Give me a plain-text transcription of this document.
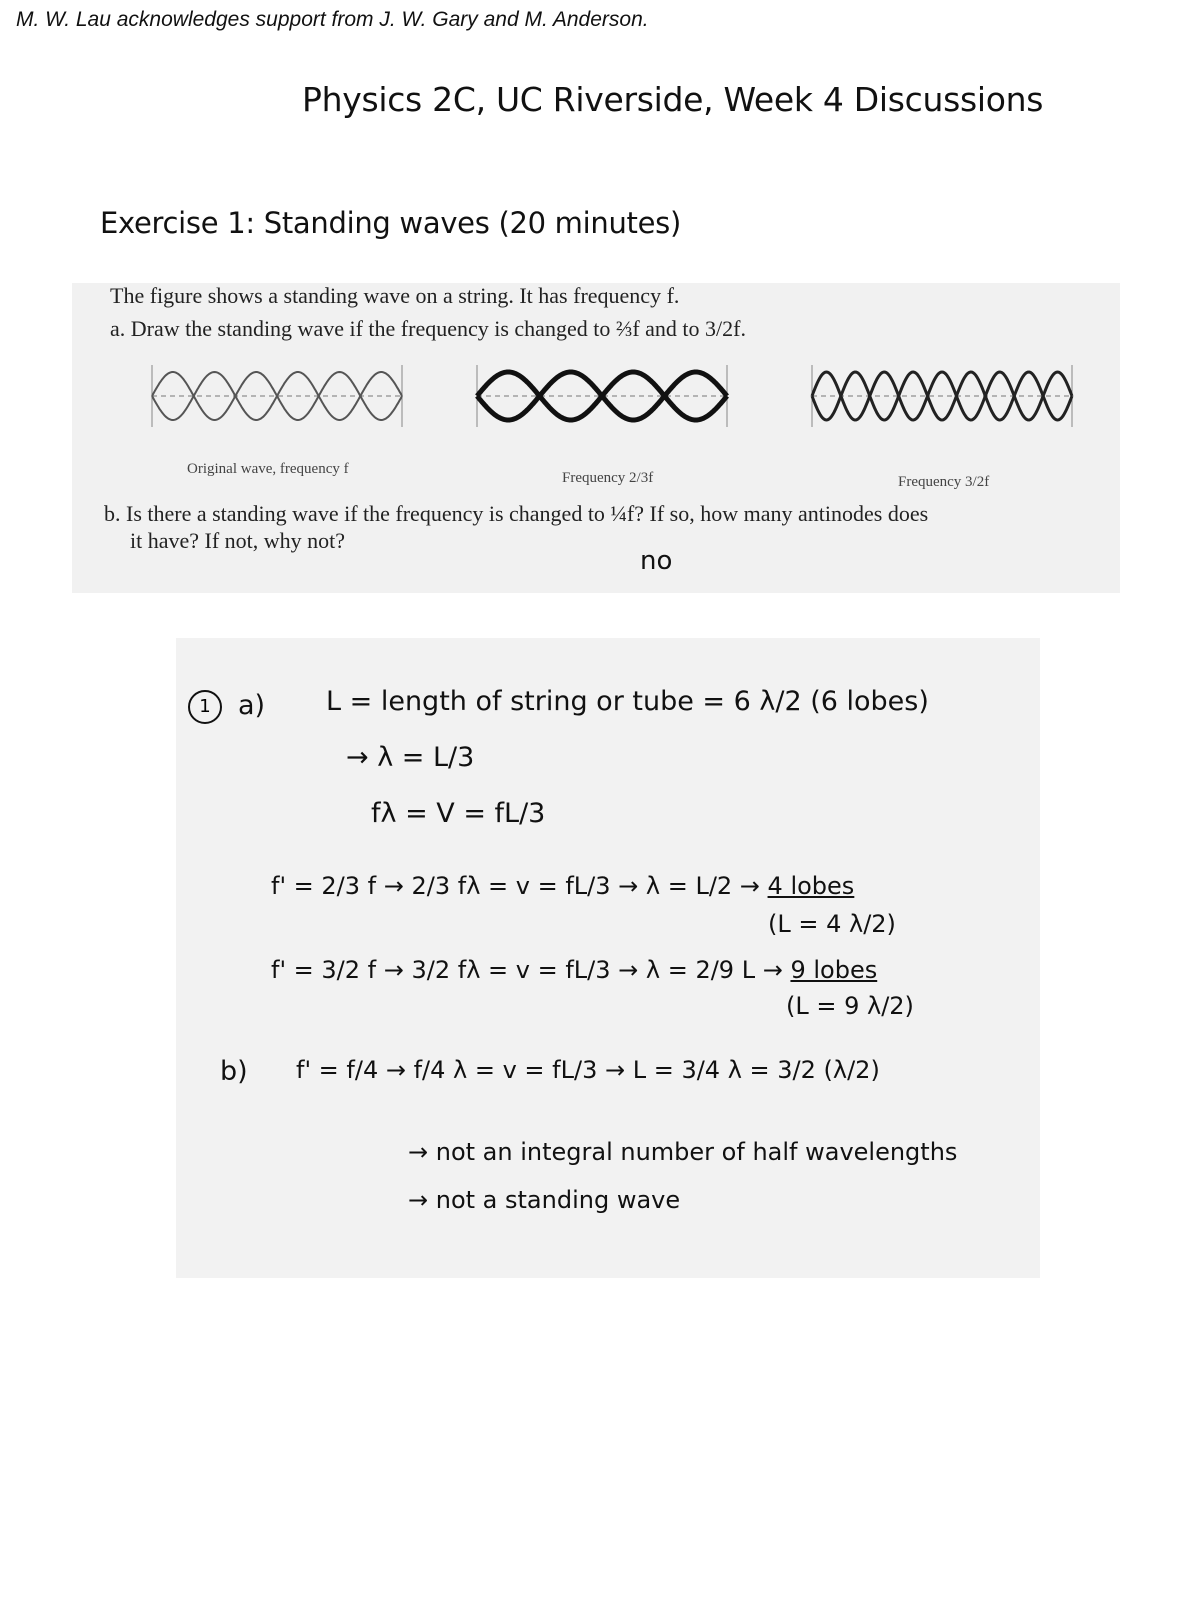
M. W. Lau acknowledges support from J. W. Gary and M. Anderson.
Physics 2C, UC Riverside, Week 4 Discussions
Exercise 1: Standing waves (20 minutes)
The figure shows a standing wave on a string. It has frequency f.
a. Draw the standing wave if the frequency is changed to ⅔f and to 3/2f.
Original wave, frequency f
Frequency 2/3f	Frequency 3/2f
b. Is there a standing wave if the frequency is changed to ¼f? If so, how many antinodes does
it have? If not, why not?
no
1	a) L = length of string or tube = 6 λ/2 (6 lobes)
→ λ = L/3
fλ = V = fL/3
f' = 2/3 f → 2/3 fλ = v = fL/3 → λ = L/2 → 4 lobes
(L = 4 λ/2)
f' = 3/2 f → 3/2 fλ = v = fL/3 → λ = 2/9 L → 9 lobes
(L = 9 λ/2)
b) f' = f/4 → f/4 λ = v = fL/3 → L = 3/4 λ = 3/2 (λ/2)
→ not an integral number of half wavelengths
→ not a standing wave
